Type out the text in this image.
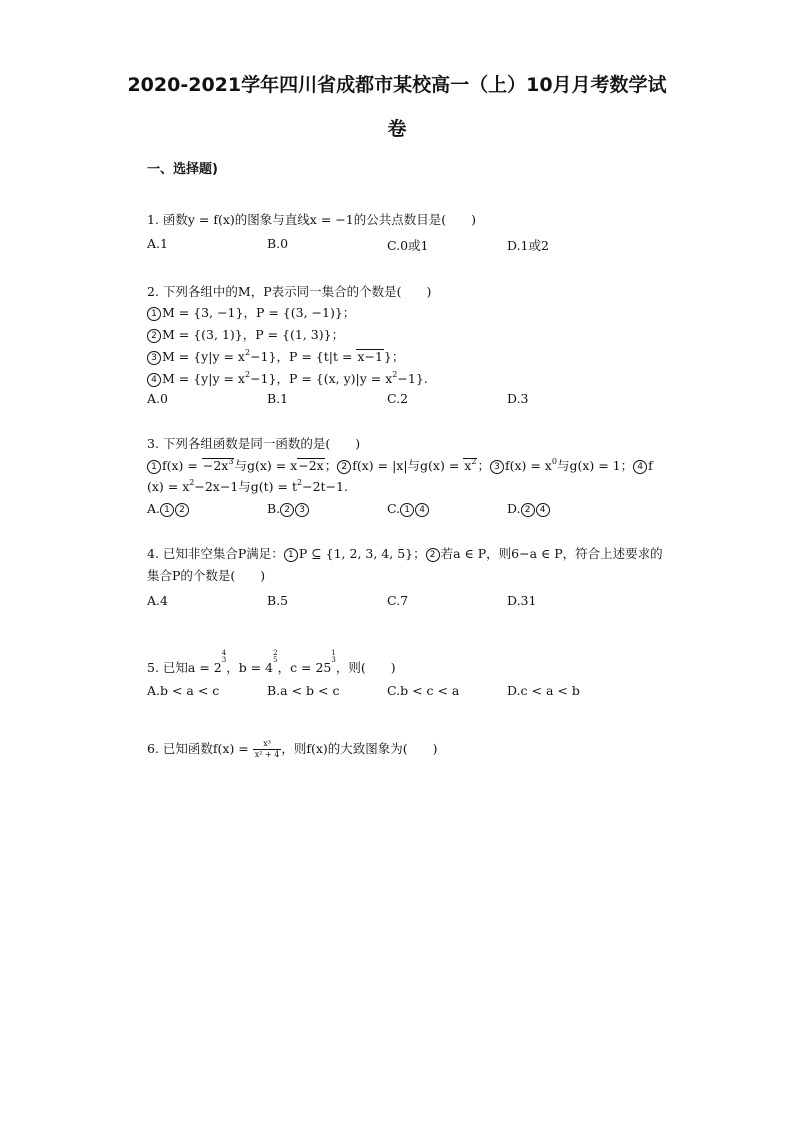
2020-2021学年四川省成都市某校高一（上）10月月考数学试
卷
一、选择题)
1. 函数y = f(x)的图象与直线x = −1的公共点数目是(　　)
A.1	B.0	C.0或1	D.1或2
2. 下列各组中的M，P表示同一集合的个数是(　　)
1 M = {3, −1}，P = {(3, −1)}；
2 M = {(3, 1)}，P = {(1, 3)}；
3 $M = \{y|y = x^2-1\}$，P = {t|t = x−1}；
4 $M = \{y|y = x^2-1\}$，P = {(x, $y)|y = x^2-1$}.
A.0	B.1	C.2	D.3
3. 下列各组函数是同一函数的是(　　)
1 $f(x) = -2x^3$与g(x) = x−2x； 2 f(x) = |x|与$g(x) = x^2$； 3 $f(x) = x^0$与g(x) = 1； 4 f
$(x) = x^2-2x-1$与$g(t) = t^2-2t-1$.
A. 1 2	B. 2 3	C. 1 4	D. 2 4
4. 已知非空集合P满足： 1 P ⊆ {1, 2, 3, 4, 5}； 2 若a ∈ P，则6−a ∈ P，符合上述要求的
集合P的个数是(　　)
A.4	B.5	C.7	D.31
5. 已知a = 2
4
3 ，b = 4
2
5 ，c = 25
1
3 ，则(　　)
A.b < a < c	B.a < b < c	C.b < c < a	D.c < a < b
6. 已知函数$f(x) = \frac{\text{x³}}{\text{x² + 4}}$ ，则f(x)的大致图象为(　　)
